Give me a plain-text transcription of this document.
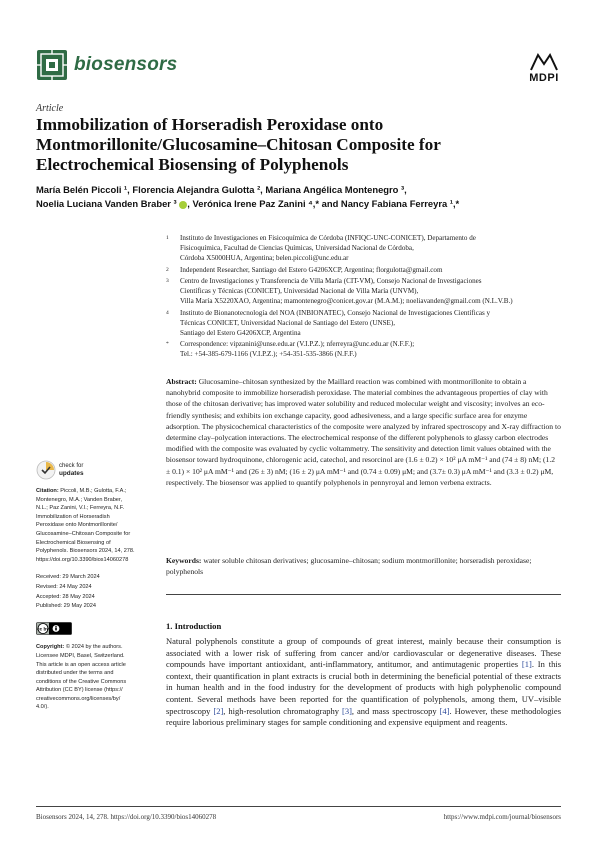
biosensors
MDPI
Article
Immobilization of Horseradish Peroxidase onto Montmorillonite/Glucosamine–Chitosan Composite for Electrochemical Biosensing of Polyphenols
María Belén Piccoli ¹, Florencia Alejandra Gulotta ², Mariana Angélica Montenegro ³,
Noelia Luciana Vanden Braber ³ , Verónica Irene Paz Zanini ⁴,* and Nancy Fabiana Ferreyra ¹,*
1	Instituto de Investigaciones en Fisicoquímica de Córdoba (INFIQC-UNC-CONICET), Departamento de
Fisicoquímica, Facultad de Ciencias Químicas, Universidad Nacional de Córdoba,
Córdoba X5000HUA, Argentina; belen.piccoli@unc.edu.ar
2	Independent Researcher, Santiago del Estero G4206XCP, Argentina; florgulotta@gmail.com
3	Centro de Investigaciones y Transferencia de Villa María (CIT-VM), Consejo Nacional de Investigaciones
Científicas y Técnicas (CONICET), Universidad Nacional de Villa María (UNVM),
Villa María X5220XAO, Argentina; mamontenegro@conicet.gov.ar (M.A.M.); noeliavanden@gmail.com (N.L.V.B.)
4	Instituto de Bionanotecnología del NOA (INBIONATEC), Consejo Nacional de Investigaciones Científicas y
Técnicas CONICET, Universidad Nacional de Santiago del Estero (UNSE),
Santiago del Estero G4206XCP, Argentina
*	Correspondence: vipzanini@unse.edu.ar (V.I.P.Z.); nferreyra@unc.edu.ar (N.F.F.);
Tel.: +54-385-679-1166 (V.I.P.Z.); +54-351-535-3866 (N.F.F.)
Abstract: Glucosamine–chitosan synthesized by the Maillard reaction was combined with montmorillonite to obtain a nanohybrid composite to immobilize horseradish peroxidase. The material combines the advantageous properties of clay with those of the chitosan derivative; has improved water solubility and reduced molecular weight and viscosity; involves an eco-friendly synthesis; and exhibits ion exchange capacity, good adhesiveness, and a large specific surface area for enzyme adsorption. The physicochemical characteristics of the composite were analyzed by infrared spectroscopy and X-ray diffraction to determine clay–polycation interactions. The electrochemical response of the different polyphenols to glassy carbon electrodes modified with the composite was evaluated by cyclic voltammetry. The sensitivity and detection limit values obtained with the biosensor toward hydroquinone, chlorogenic acid, catechol, and resorcinol are (1.6 ± 0.2) × 10² μA mM⁻¹ and (74 ± 8) nM; (1.2 ± 0.1) × 10² μA mM⁻¹ and (26 ± 3) nM; (16 ± 2) μA mM⁻¹ and (0.74 ± 0.09) μM; and (3.7± 0.3) μA mM⁻¹ and (3.3 ± 0.2) μM, respectively. The biosensor was applied to quantify polyphenols in pennyroyal and lemon verbena extracts.
Keywords: water soluble chitosan derivatives; glucosamine–chitosan; sodium montmorillonite; horseradish peroxidase; polyphenols
check for
updates
Citation: Piccoli, M.B.; Gulotta, F.A.;
Montenegro, M.A.; Vanden Braber,
N.L.; Paz Zanini, V.I.; Ferreyra, N.F.
Immobilization of Horseradish
Peroxidase onto Montmorillonite/
Glucosamine–Chitosan Composite for
Electrochemical Biosensing of
Polyphenols. Biosensors 2024, 14, 278.
https://doi.org/10.3390/bios14060278
Received: 29 March 2024
Revised: 24 May 2024
Accepted: 28 May 2024
Published: 29 May 2024
cc by
Copyright: © 2024 by the authors.
Licensee MDPI, Basel, Switzerland.
This article is an open access article
distributed under the terms and
conditions of the Creative Commons
Attribution (CC BY) license (https://
creativecommons.org/licenses/by/
4.0/).
1. Introduction

Natural polyphenols constitute a group of compounds of great interest, mainly because their consumption is associated with a lower risk of suffering from cancer and/or cardiovascular or degenerative diseases. These compounds have important antioxidant, anti-inflammatory, antitumor, and antimutagenic properties [1]. In this context, their quantification in plant extracts is crucial both in determining the beneficial potential of these extracts in human health and in the food industry for the development of products with high polyphenolic compound content. Several methods have been reported for the quantification of polyphenols, among them, UV–visible spectroscopy [2], high-resolution chromatography [3], and mass spectroscopy [4]. However, these methodologies require laborious preliminary stages for sample conditioning and expensive equipment and reagents.

Biosensors 2024, 14, 278. https://doi.org/10.3390/bios14060278	https://www.mdpi.com/journal/biosensors
